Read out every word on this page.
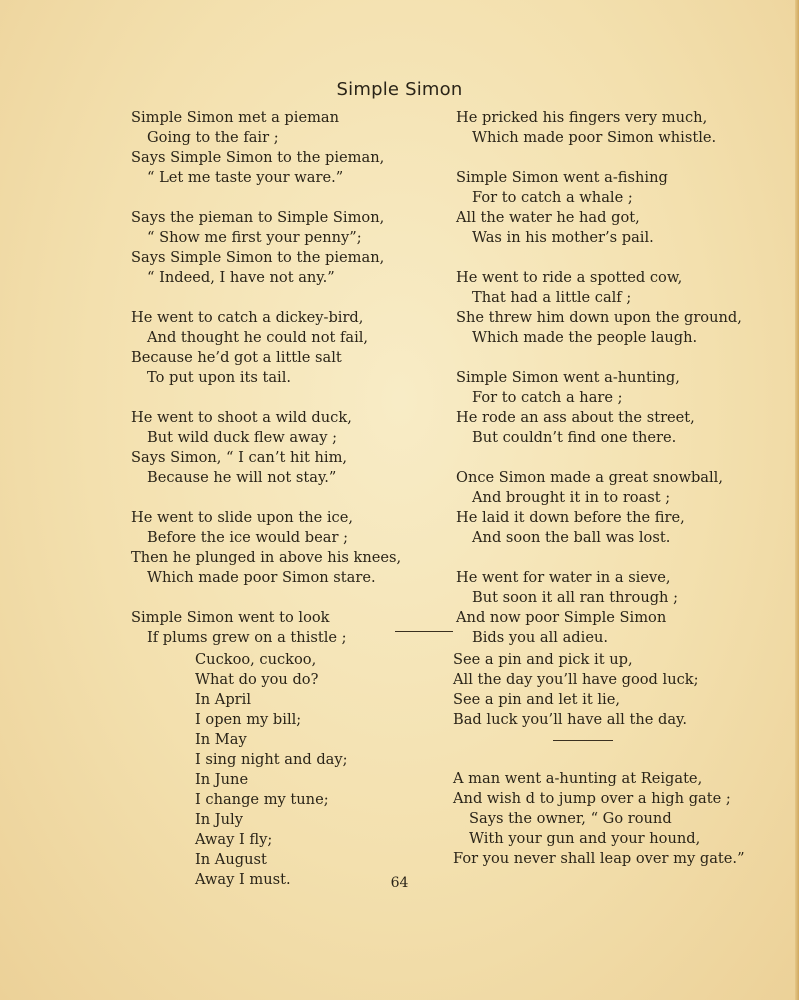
Simple Simon
Simple Simon met a pieman
Going to the fair ;
Says Simple Simon to the pieman,
“ Let me taste your ware.”
Says the pieman to Simple Simon,
“ Show me first your penny”;
Says Simple Simon to the pieman,
“ Indeed, I have not any.”
He went to catch a dickey-bird,
And thought he could not fail,
Because he’d got a little salt
To put upon its tail.
He went to shoot a wild duck,
But wild duck flew away ;
Says Simon, “ I can’t hit him,
Because he will not stay.”
He went to slide upon the ice,
Before the ice would bear ;
Then he plunged in above his knees,
Which made poor Simon stare.
Simple Simon went to look
If plums grew on a thistle ;
He pricked his fingers very much,
Which made poor Simon whistle.
Simple Simon went a-fishing
For to catch a whale ;
All the water he had got,
Was in his mother’s pail.
He went to ride a spotted cow,
That had a little calf ;
She threw him down upon the ground,
Which made the people laugh.
Simple Simon went a-hunting,
For to catch a hare ;
He rode an ass about the street,
But couldn’t find one there.
Once Simon made a great snowball,
And brought it in to roast ;
He laid it down before the fire,
And soon the ball was lost.
He went for water in a sieve,
But soon it all ran through ;
And now poor Simple Simon
Bids you all adieu.
Cuckoo, cuckoo,
What do you do?
In April
I open my bill;
In May
I sing night and day;
In June
I change my tune;
In July
Away I fly;
In August
Away I must.
See a pin and pick it up,
All the day you’ll have good luck;
See a pin and let it lie,
Bad luck you’ll have all the day.
A man went a-hunting at Reigate,
And wish d to jump over a high gate ;
Says the owner, “ Go round
With your gun and your hound,
For you never shall leap over my gate.”
64
